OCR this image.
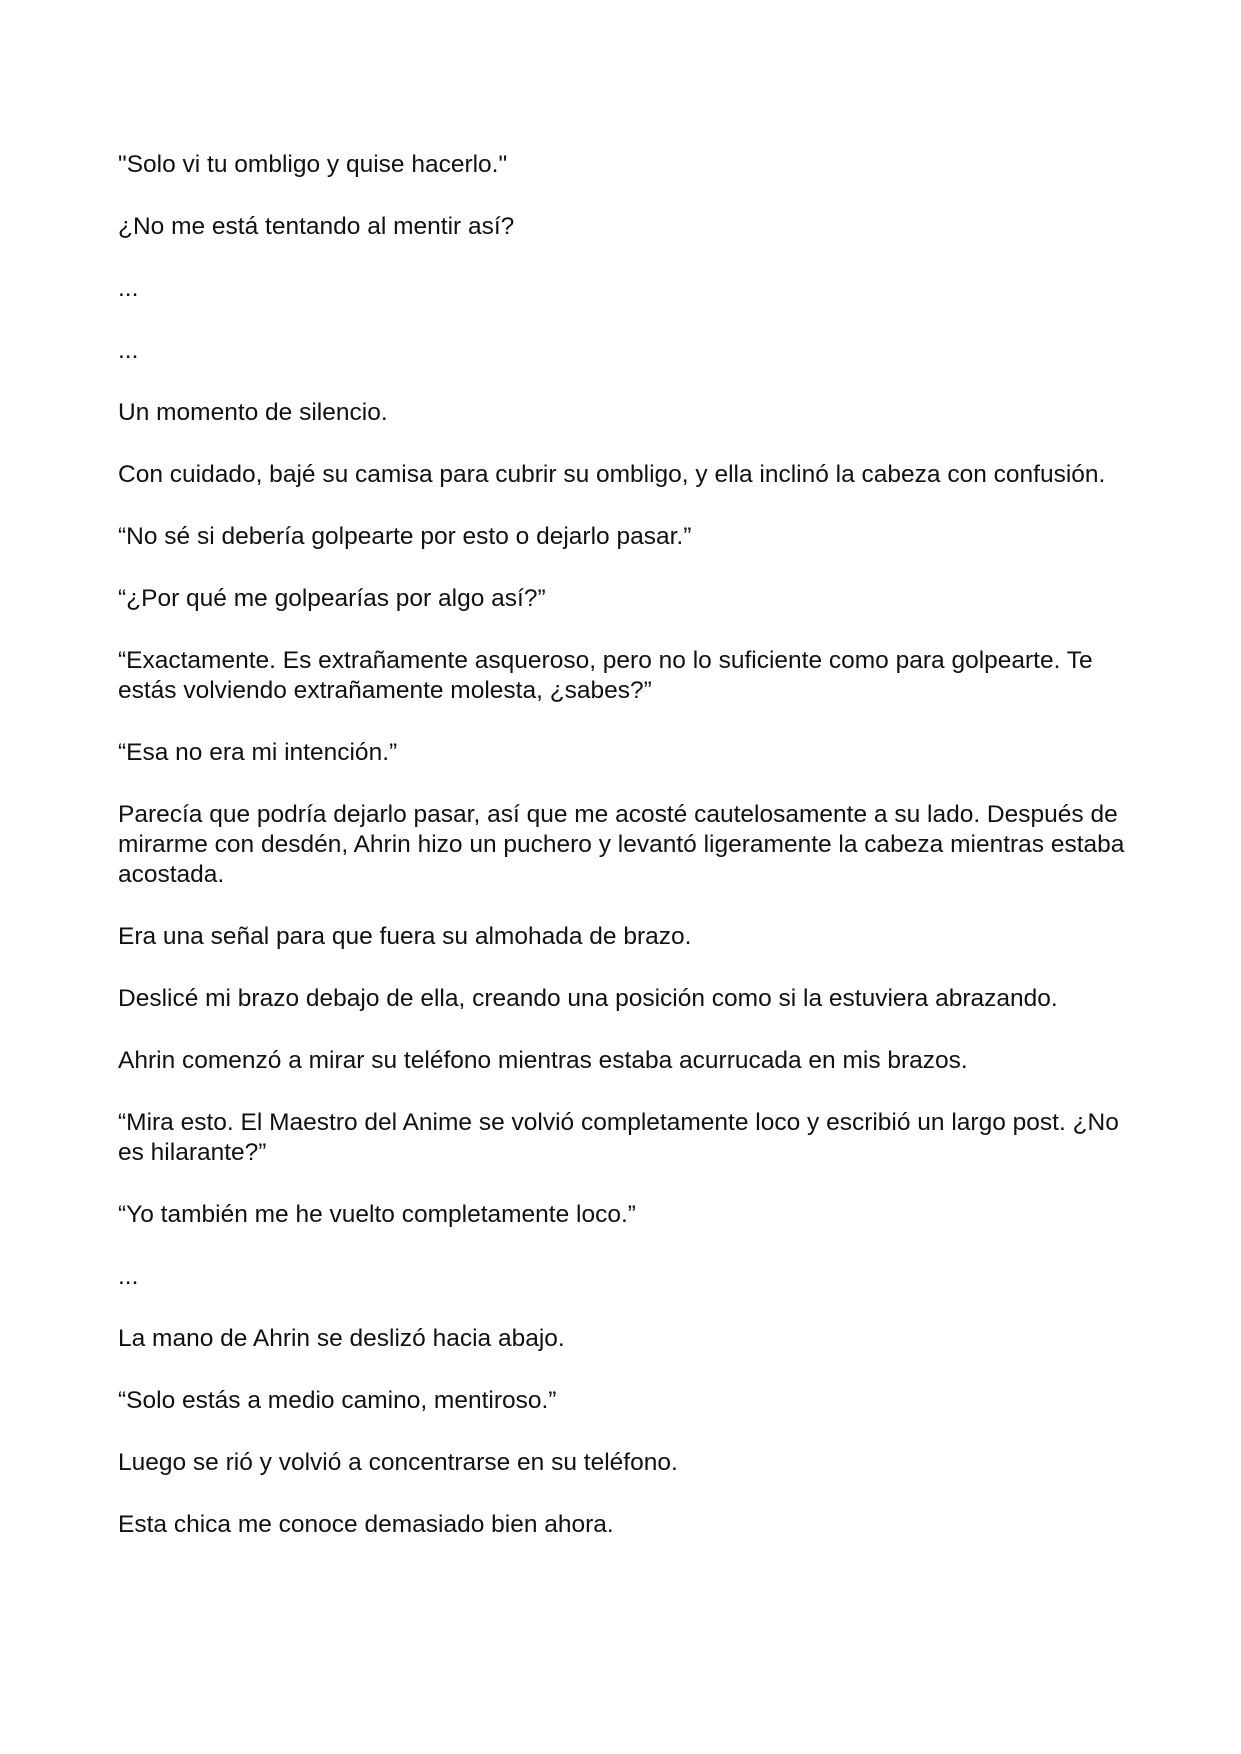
"Solo vi tu ombligo y quise hacerlo."

¿No me está tentando al mentir así?

...

...

Un momento de silencio.

Con cuidado, bajé su camisa para cubrir su ombligo, y ella inclinó la cabeza con confusión.

“No sé si debería golpearte por esto o dejarlo pasar.”

“¿Por qué me golpearías por algo así?”

“Exactamente. Es extrañamente asqueroso, pero no lo suficiente como para golpearte. Te estás volviendo extrañamente molesta, ¿sabes?”

“Esa no era mi intención.”

Parecía que podría dejarlo pasar, así que me acosté cautelosamente a su lado. Después de mirarme con desdén, Ahrin hizo un puchero y levantó ligeramente la cabeza mientras estaba acostada.

Era una señal para que fuera su almohada de brazo.

Deslicé mi brazo debajo de ella, creando una posición como si la estuviera abrazando.

Ahrin comenzó a mirar su teléfono mientras estaba acurrucada en mis brazos.

“Mira esto. El Maestro del Anime se volvió completamente loco y escribió un largo post. ¿No es hilarante?”

“Yo también me he vuelto completamente loco.”

...

La mano de Ahrin se deslizó hacia abajo.

“Solo estás a medio camino, mentiroso.”

Luego se rió y volvió a concentrarse en su teléfono.

Esta chica me conoce demasiado bien ahora.
